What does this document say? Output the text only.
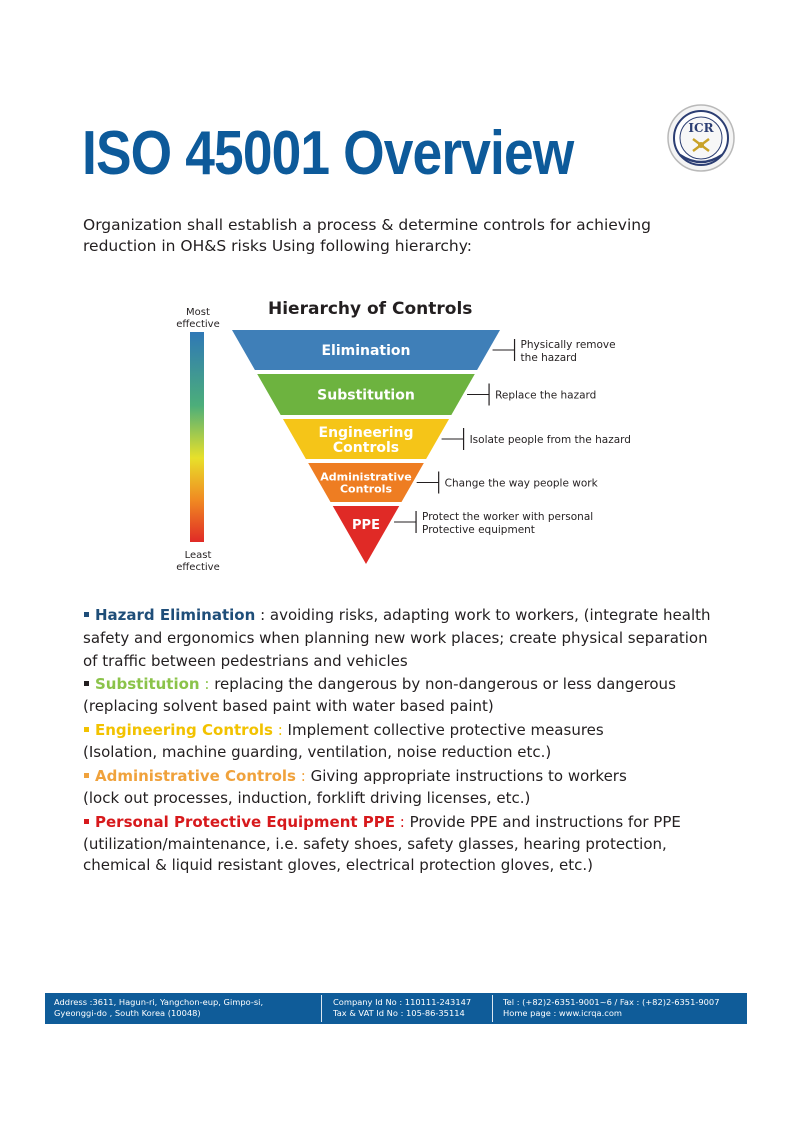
ISO 45001 Overview	ICR
Organization shall establish a process & determine controls for achieving reduction in OH&S risks Using following hierarchy:
Hierarchy of Controls
Most
effective
Least
effective
Elimination	Physically remove
the hazard
Substitution	Replace the hazard
Engineering
Controls	Isolate people from the hazard
Administrative
Controls	Change the way people work
PPE
Protect the worker with personal
Protective equipment

Hazard Elimination : avoiding risks, adapting work to workers, (integrate health safety and ergonomics when planning new work places; create physical separation of traffic between pedestrians and vehicles

Substitution : replacing the dangerous by non-dangerous or less dangerous

(replacing solvent based paint with water based paint)

Engineering Controls : Implement collective protective measures

(Isolation, machine guarding, ventilation, noise reduction etc.)

Administrative Controls : Giving appropriate instructions to workers

(lock out processes, induction, forklift driving licenses, etc.)

Personal Protective Equipment PPE : Provide PPE and instructions for PPE

(utilization/maintenance, i.e. safety shoes, safety glasses, hearing protection, chemical & liquid resistant gloves, electrical protection gloves, etc.)

Address :3611, Hagun-ri, Yangchon-eup, Gimpo-si,
Gyeonggi-do , South Korea (10048)
Company Id No : 110111-243147
Tax & VAT Id No : 105-86-35114
Tel : (+82)2-6351-9001~6 / Fax : (+82)2-6351-9007
Home page : www.icrqa.com
